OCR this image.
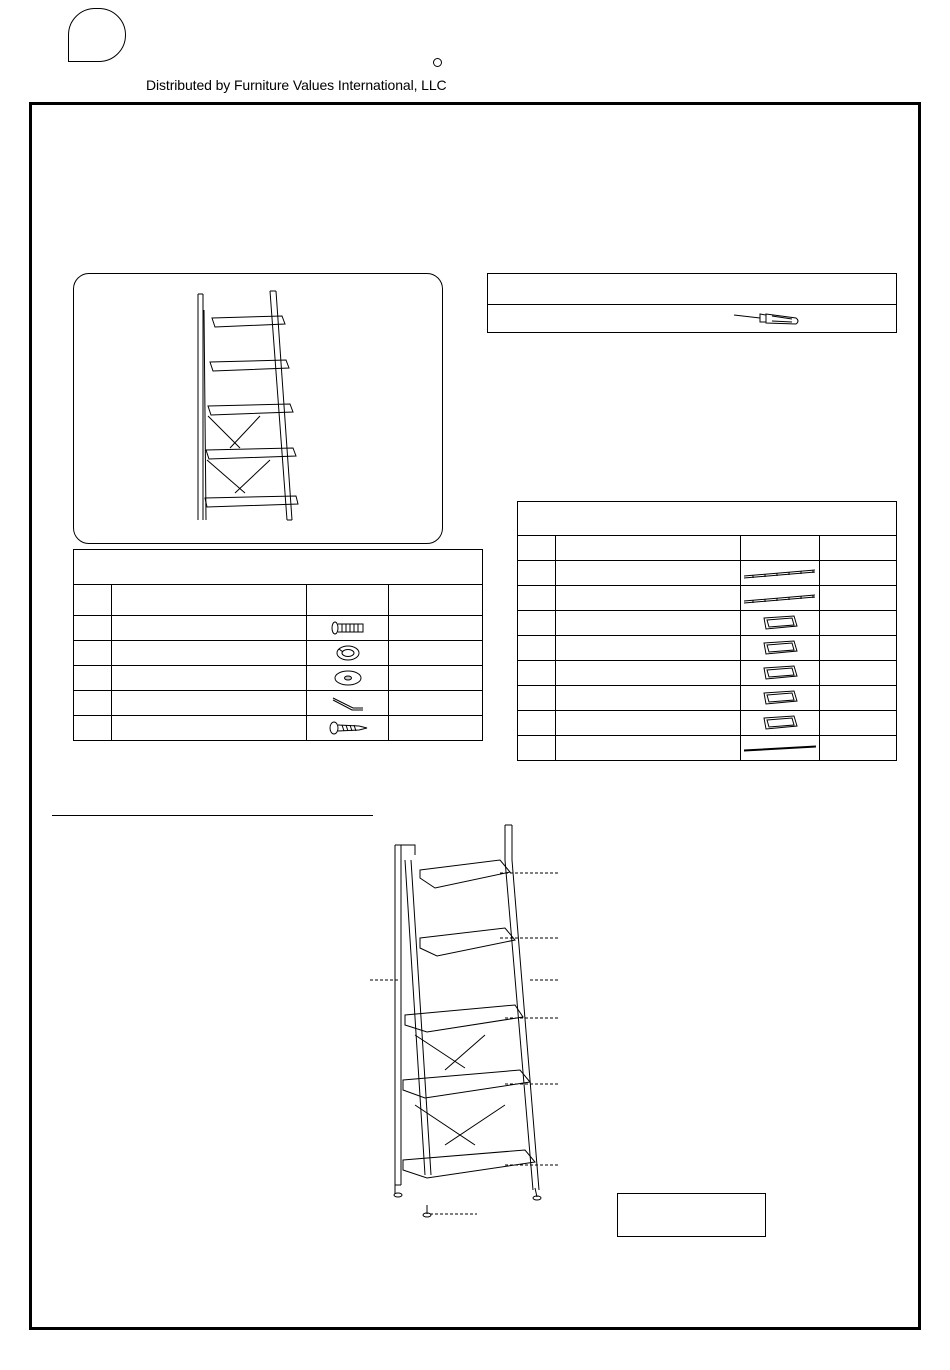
Distributed by Furniture Values International, LLC
